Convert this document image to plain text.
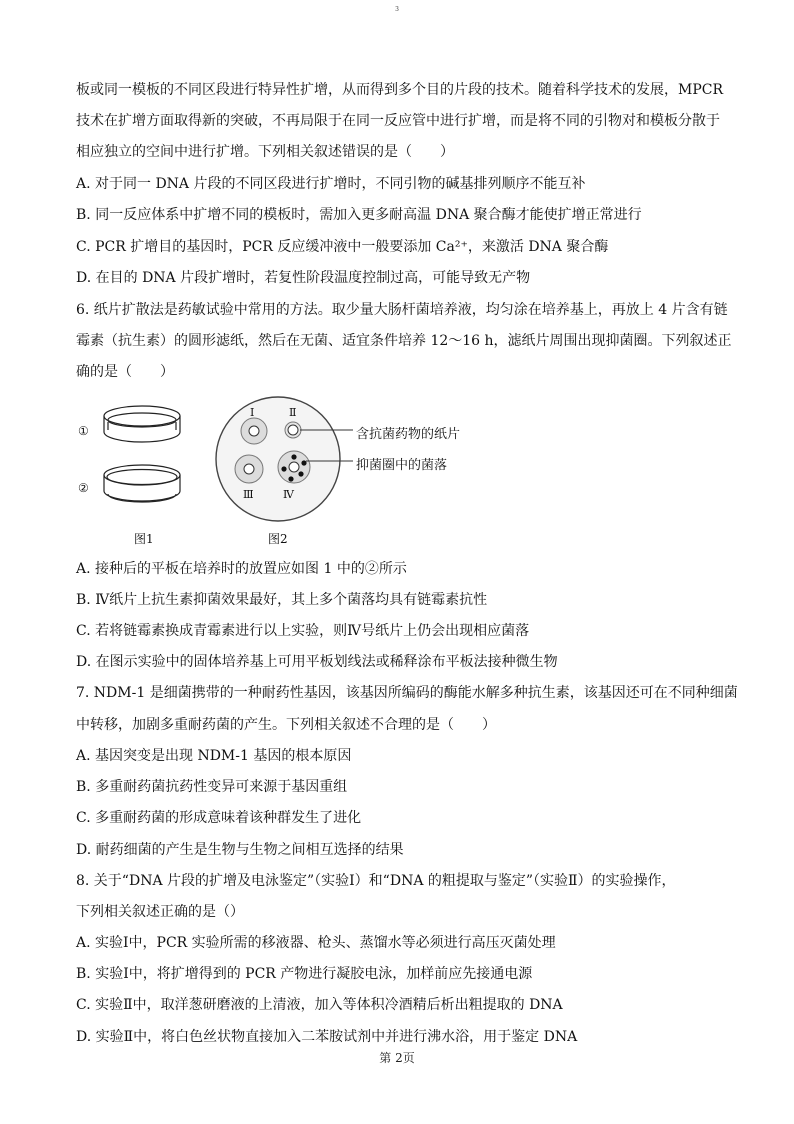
3
板或同一模板的不同区段进行特异性扩增，从而得到多个目的片段的技术。随着科学技术的发展，MPCR
技术在扩增方面取得新的突破，不再局限于在同一反应管中进行扩增，而是将不同的引物对和模板分散于
相应独立的空间中进行扩增。下列相关叙述错误的是（　　）
A. 对于同一 DNA 片段的不同区段进行扩增时，不同引物的碱基排列顺序不能互补
B. 同一反应体系中扩增不同的模板时，需加入更多耐高温 DNA 聚合酶才能使扩增正常进行
C. PCR 扩增目的基因时，PCR 反应缓冲液中一般要添加 Ca²⁺，来激活 DNA 聚合酶
D. 在目的 DNA 片段扩增时，若复性阶段温度控制过高，可能导致无产物
6. 纸片扩散法是药敏试验中常用的方法。取少量大肠杆菌培养液，均匀涂在培养基上，再放上 4 片含有链
霉素（抗生素）的圆形滤纸，然后在无菌、适宜条件培养 12～16 h，滤纸片周围出现抑菌圈。下列叙述正
确的是（　　）
①
②
图1
Ⅰ	Ⅱ
Ⅲ	Ⅳ
含抗菌药物的纸片
抑菌圈中的菌落
图2
A. 接种后的平板在培养时的放置应如图 1 中的②所示
B. Ⅳ纸片上抗生素抑菌效果最好，其上多个菌落均具有链霉素抗性
C. 若将链霉素换成青霉素进行以上实验，则Ⅳ号纸片上仍会出现相应菌落
D. 在图示实验中的固体培养基上可用平板划线法或稀释涂布平板法接种微生物
7. NDM-1 是细菌携带的一种耐药性基因，该基因所编码的酶能水解多种抗生素，该基因还可在不同种细菌
中转移，加剧多重耐药菌的产生。下列相关叙述不合理的是（　　）
A. 基因突变是出现 NDM-1 基因的根本原因
B. 多重耐药菌抗药性变异可来源于基因重组
C. 多重耐药菌的形成意味着该种群发生了进化
D. 耐药细菌的产生是生物与生物之间相互选择的结果
8. 关于“DNA 片段的扩增及电泳鉴定”（实验Ⅰ）和“DNA 的粗提取与鉴定”（实验Ⅱ）的实验操作，
下列相关叙述正确的是（）
A. 实验Ⅰ中，PCR 实验所需的移液器、枪头、蒸馏水等必须进行高压灭菌处理
B. 实验Ⅰ中，将扩增得到的 PCR 产物进行凝胶电泳，加样前应先接通电源
C. 实验Ⅱ中，取洋葱研磨液的上清液，加入等体积冷酒精后析出粗提取的 DNA
D. 实验Ⅱ中，将白色丝状物直接加入二苯胺试剂中并进行沸水浴，用于鉴定 DNA
第 2页
